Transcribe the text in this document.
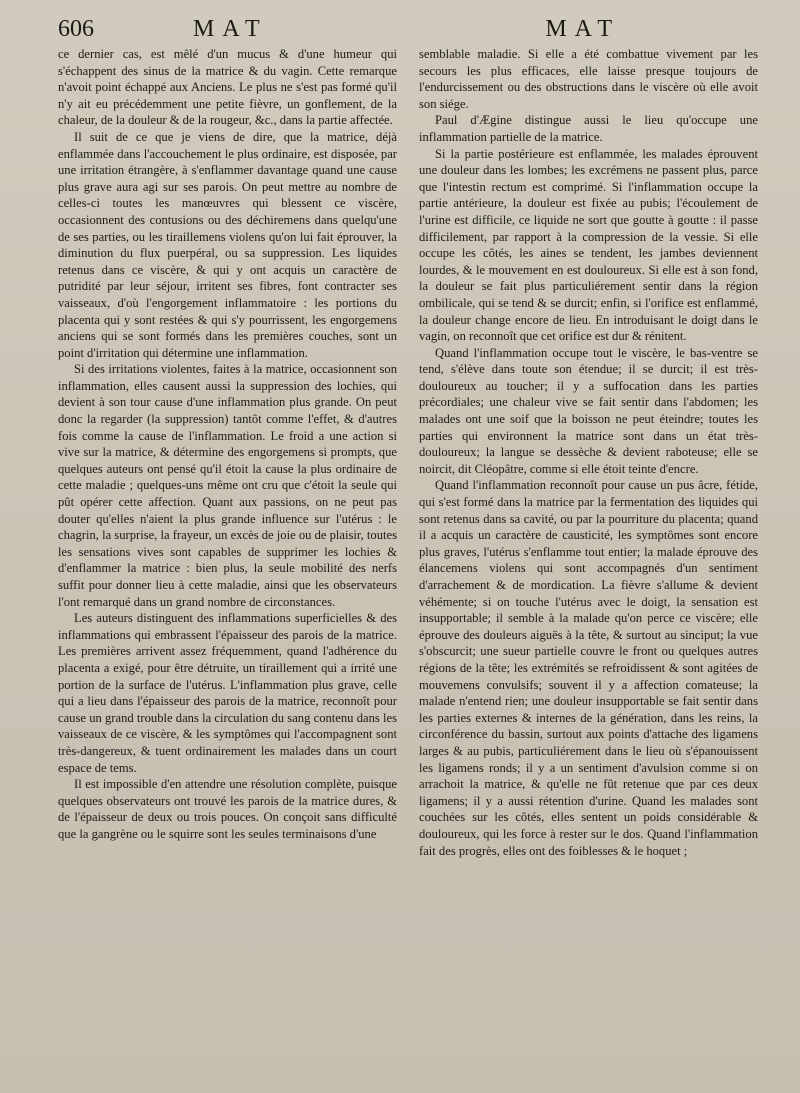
606	MAT	MAT

ce dernier cas, est mêlé d'un mucus & d'une humeur qui s'échappent des sinus de la matrice & du vagin. Cette remarque n'avoit point échappé aux Anciens. Le plus ne s'est pas formé qu'il n'y ait eu précédemment une petite fièvre, un gonflement, de la chaleur, de la douleur & de la rougeur, &c., dans la partie affectée.

Il suit de ce que je viens de dire, que la matrice, déjà enflammée dans l'accouchement le plus ordinaire, est disposée, par une irritation étrangère, à s'enflammer davantage quand une cause plus grave aura agi sur ses parois. On peut mettre au nombre de celles-ci toutes les manœuvres qui blessent ce viscère, occasionnent des contusions ou des déchiremens dans quelqu'une de ses parties, ou les tiraillemens violens qu'on lui fait éprouver, la diminution du flux puerpéral, ou sa suppression. Les liquides retenus dans ce viscère, & qui y ont acquis un caractère de putridité par leur séjour, irritent ses fibres, font contracter ses vaisseaux, d'où l'engorgement inflammatoire : les portions du placenta qui y sont restées & qui s'y pourrissent, les engorgemens anciens qui se sont formés dans les premières couches, sont un point d'irritation qui détermine une inflammation.

Si des irritations violentes, faites à la matrice, occasionnent son inflammation, elles causent aussi la suppression des lochies, qui devient à son tour cause d'une inflammation plus grande. On peut donc la regarder (la suppression) tantôt comme l'effet, & d'autres fois comme la cause de l'inflammation. Le froid a une action si vive sur la matrice, & détermine des engorgemens si prompts, que quelques auteurs ont pensé qu'il étoit la cause la plus ordinaire de cette maladie ; quelques-uns même ont cru que c'étoit la seule qui pût opérer cette affection. Quant aux passions, on ne peut pas douter qu'elles n'aient la plus grande influence sur l'utérus : le chagrin, la surprise, la frayeur, un excès de joie ou de plaisir, toutes les sensations vives sont capables de supprimer les lochies & d'enflammer la matrice : bien plus, la seule mobilité des nerfs suffit pour donner lieu à cette maladie, ainsi que les observateurs l'ont remarqué dans un grand nombre de circonstances.

Les auteurs distinguent des inflammations superficielles & des inflammations qui embrassent l'épaisseur des parois de la matrice. Les premières arrivent assez fréquemment, quand l'adhérence du placenta a exigé, pour être détruite, un tiraillement qui a irrité une portion de la surface de l'utérus. L'inflammation plus grave, celle qui a lieu dans l'épaisseur des parois de la matrice, reconnoît pour cause un grand trouble dans la circulation du sang contenu dans les vaisseaux de ce viscère, & les symptômes qui l'accompagnent sont très-dangereux, & tuent ordinairement les malades dans un court espace de tems.

Il est impossible d'en attendre une résolution complète, puisque quelques observateurs ont trouvé les parois de la matrice dures, & de l'épaisseur de deux ou trois pouces. On conçoit sans difficulté que la gangrène ou le squirre sont les seules terminaisons d'une

semblable maladie. Si elle a été combattue vivement par les secours les plus efficaces, elle laisse presque toujours de l'endurcissement ou des obstructions dans le viscère où elle avoit son siége.

Paul d'Ægine distingue aussi le lieu qu'occupe une inflammation partielle de la matrice.

Si la partie postérieure est enflammée, les malades éprouvent une douleur dans les lombes; les excrémens ne passent plus, parce que l'intestin rectum est comprimé. Si l'inflammation occupe la partie antérieure, la douleur est fixée au pubis; l'écoulement de l'urine est difficile, ce liquide ne sort que goutte à goutte : il passe difficilement, par rapport à la compression de la vessie. Si elle occupe les côtés, les aines se tendent, les jambes deviennent lourdes, & le mouvement en est douloureux. Si elle est à son fond, la douleur se fait plus particuliérement sentir dans la région ombilicale, qui se tend & se durcit; enfin, si l'orifice est enflammé, la douleur change encore de lieu. En introduisant le doigt dans le vagin, on reconnoît que cet orifice est dur & rénitent.

Quand l'inflammation occupe tout le viscère, le bas-ventre se tend, s'élève dans toute son étendue; il se durcit; il est très-douloureux au toucher; il y a suffocation dans les parties précordiales; une chaleur vive se fait sentir dans l'abdomen; les malades ont une soif que la boisson ne peut éteindre; toutes les parties qui environnent la matrice sont dans un état très-douloureux; la langue se dessèche & devient raboteuse; elle se noircit, dit Cléopâtre, comme si elle étoit teinte d'encre.

Quand l'inflammation reconnoît pour cause un pus âcre, fétide, qui s'est formé dans la matrice par la fermentation des liquides qui sont retenus dans sa cavité, ou par la pourriture du placenta; quand il a acquis un caractère de causticité, les symptômes sont encore plus graves, l'utérus s'enflamme tout entier; la malade éprouve des élancemens violens qui sont accompagnés d'un sentiment d'arrachement & de mordication. La fièvre s'allume & devient véhémente; si on touche l'utérus avec le doigt, la sensation est insupportable; il semble à la malade qu'on perce ce viscère; elle éprouve des douleurs aiguës à la tête, & surtout au sinciput; la vue s'obscurcit; une sueur partielle couvre le front ou quelques autres régions de la tête; les extrémités se refroidissent & sont agitées de mouvemens convulsifs; souvent il y a affection comateuse; la malade n'entend rien; une douleur insupportable se fait sentir dans les parties externes & internes de la génération, dans les reins, la circonférence du bassin, surtout aux points d'attache des ligamens larges & au pubis, particuliérement dans le lieu où s'épanouissent les ligamens ronds; il y a un sentiment d'avulsion comme si on arrachoit la matrice, & qu'elle ne fût retenue que par ces deux ligamens; il y a aussi rétention d'urine. Quand les malades sont couchées sur les côtés, elles sentent un poids considérable & douloureux, qui les force à rester sur le dos. Quand l'inflammation fait des progrès, elles ont des foiblesses & le hoquet ;
